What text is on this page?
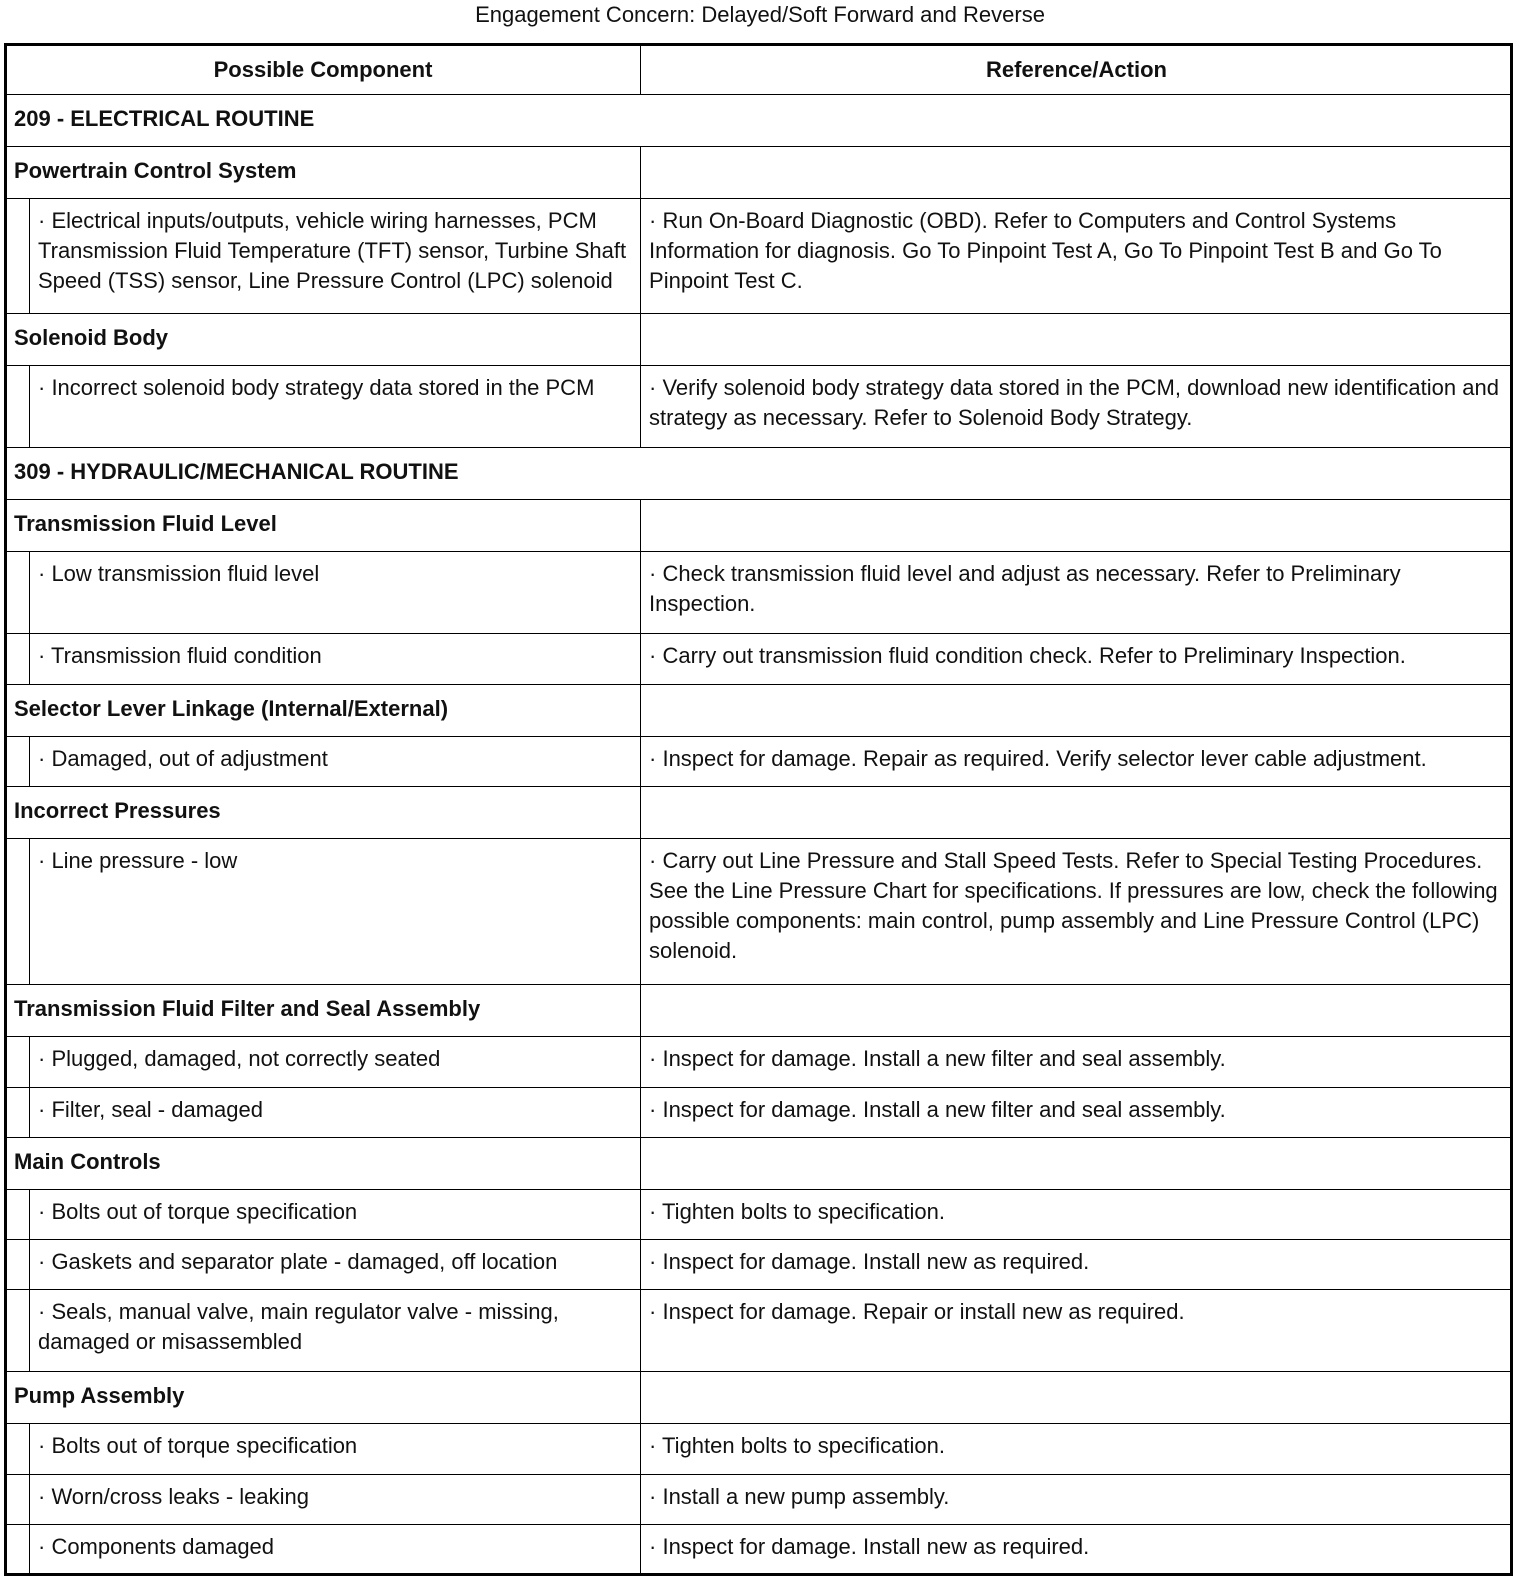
Engagement Concern: Delayed/Soft Forward and Reverse
Possible Component		Reference/Action
209 - ELECTRICAL ROUTINE		
Powertrain Control System		
	· Electrical inputs/outputs, vehicle wiring harnesses, PCM Transmission Fluid Temperature (TFT) sensor, Turbine Shaft Speed (TSS) sensor, Line Pressure Control (LPC) solenoid	· Run On-Board Diagnostic (OBD). Refer to Computers and Control Systems Information for diagnosis. Go To Pinpoint Test A, Go To Pinpoint Test B and Go To Pinpoint Test C.
Solenoid Body		
	· Incorrect solenoid body strategy data stored in the PCM	· Verify solenoid body strategy data stored in the PCM, download new identification and strategy as necessary. Refer to Solenoid Body Strategy.
309 - HYDRAULIC/MECHANICAL ROUTINE		
Transmission Fluid Level		
	· Low transmission fluid level	· Check transmission fluid level and adjust as necessary. Refer to Preliminary Inspection.
	· Transmission fluid condition	· Carry out transmission fluid condition check. Refer to Preliminary Inspection.
Selector Lever Linkage (Internal/External)		
	· Damaged, out of adjustment	· Inspect for damage. Repair as required. Verify selector lever cable adjustment.
Incorrect Pressures		
	· Line pressure - low	· Carry out Line Pressure and Stall Speed Tests. Refer to Special Testing Procedures. See the Line Pressure Chart for specifications. If pressures are low, check the following possible components: main control, pump assembly and Line Pressure Control (LPC) solenoid.
Transmission Fluid Filter and Seal Assembly		
	· Plugged, damaged, not correctly seated	· Inspect for damage. Install a new filter and seal assembly.
	· Filter, seal - damaged	· Inspect for damage. Install a new filter and seal assembly.
Main Controls		
	· Bolts out of torque specification	· Tighten bolts to specification.
	· Gaskets and separator plate - damaged, off location	· Inspect for damage. Install new as required.
	· Seals, manual valve, main regulator valve - missing, damaged or misassembled	· Inspect for damage. Repair or install new as required.
Pump Assembly		
	· Bolts out of torque specification	· Tighten bolts to specification.
	· Worn/cross leaks - leaking	· Install a new pump assembly.
	· Components damaged	· Inspect for damage. Install new as required.
